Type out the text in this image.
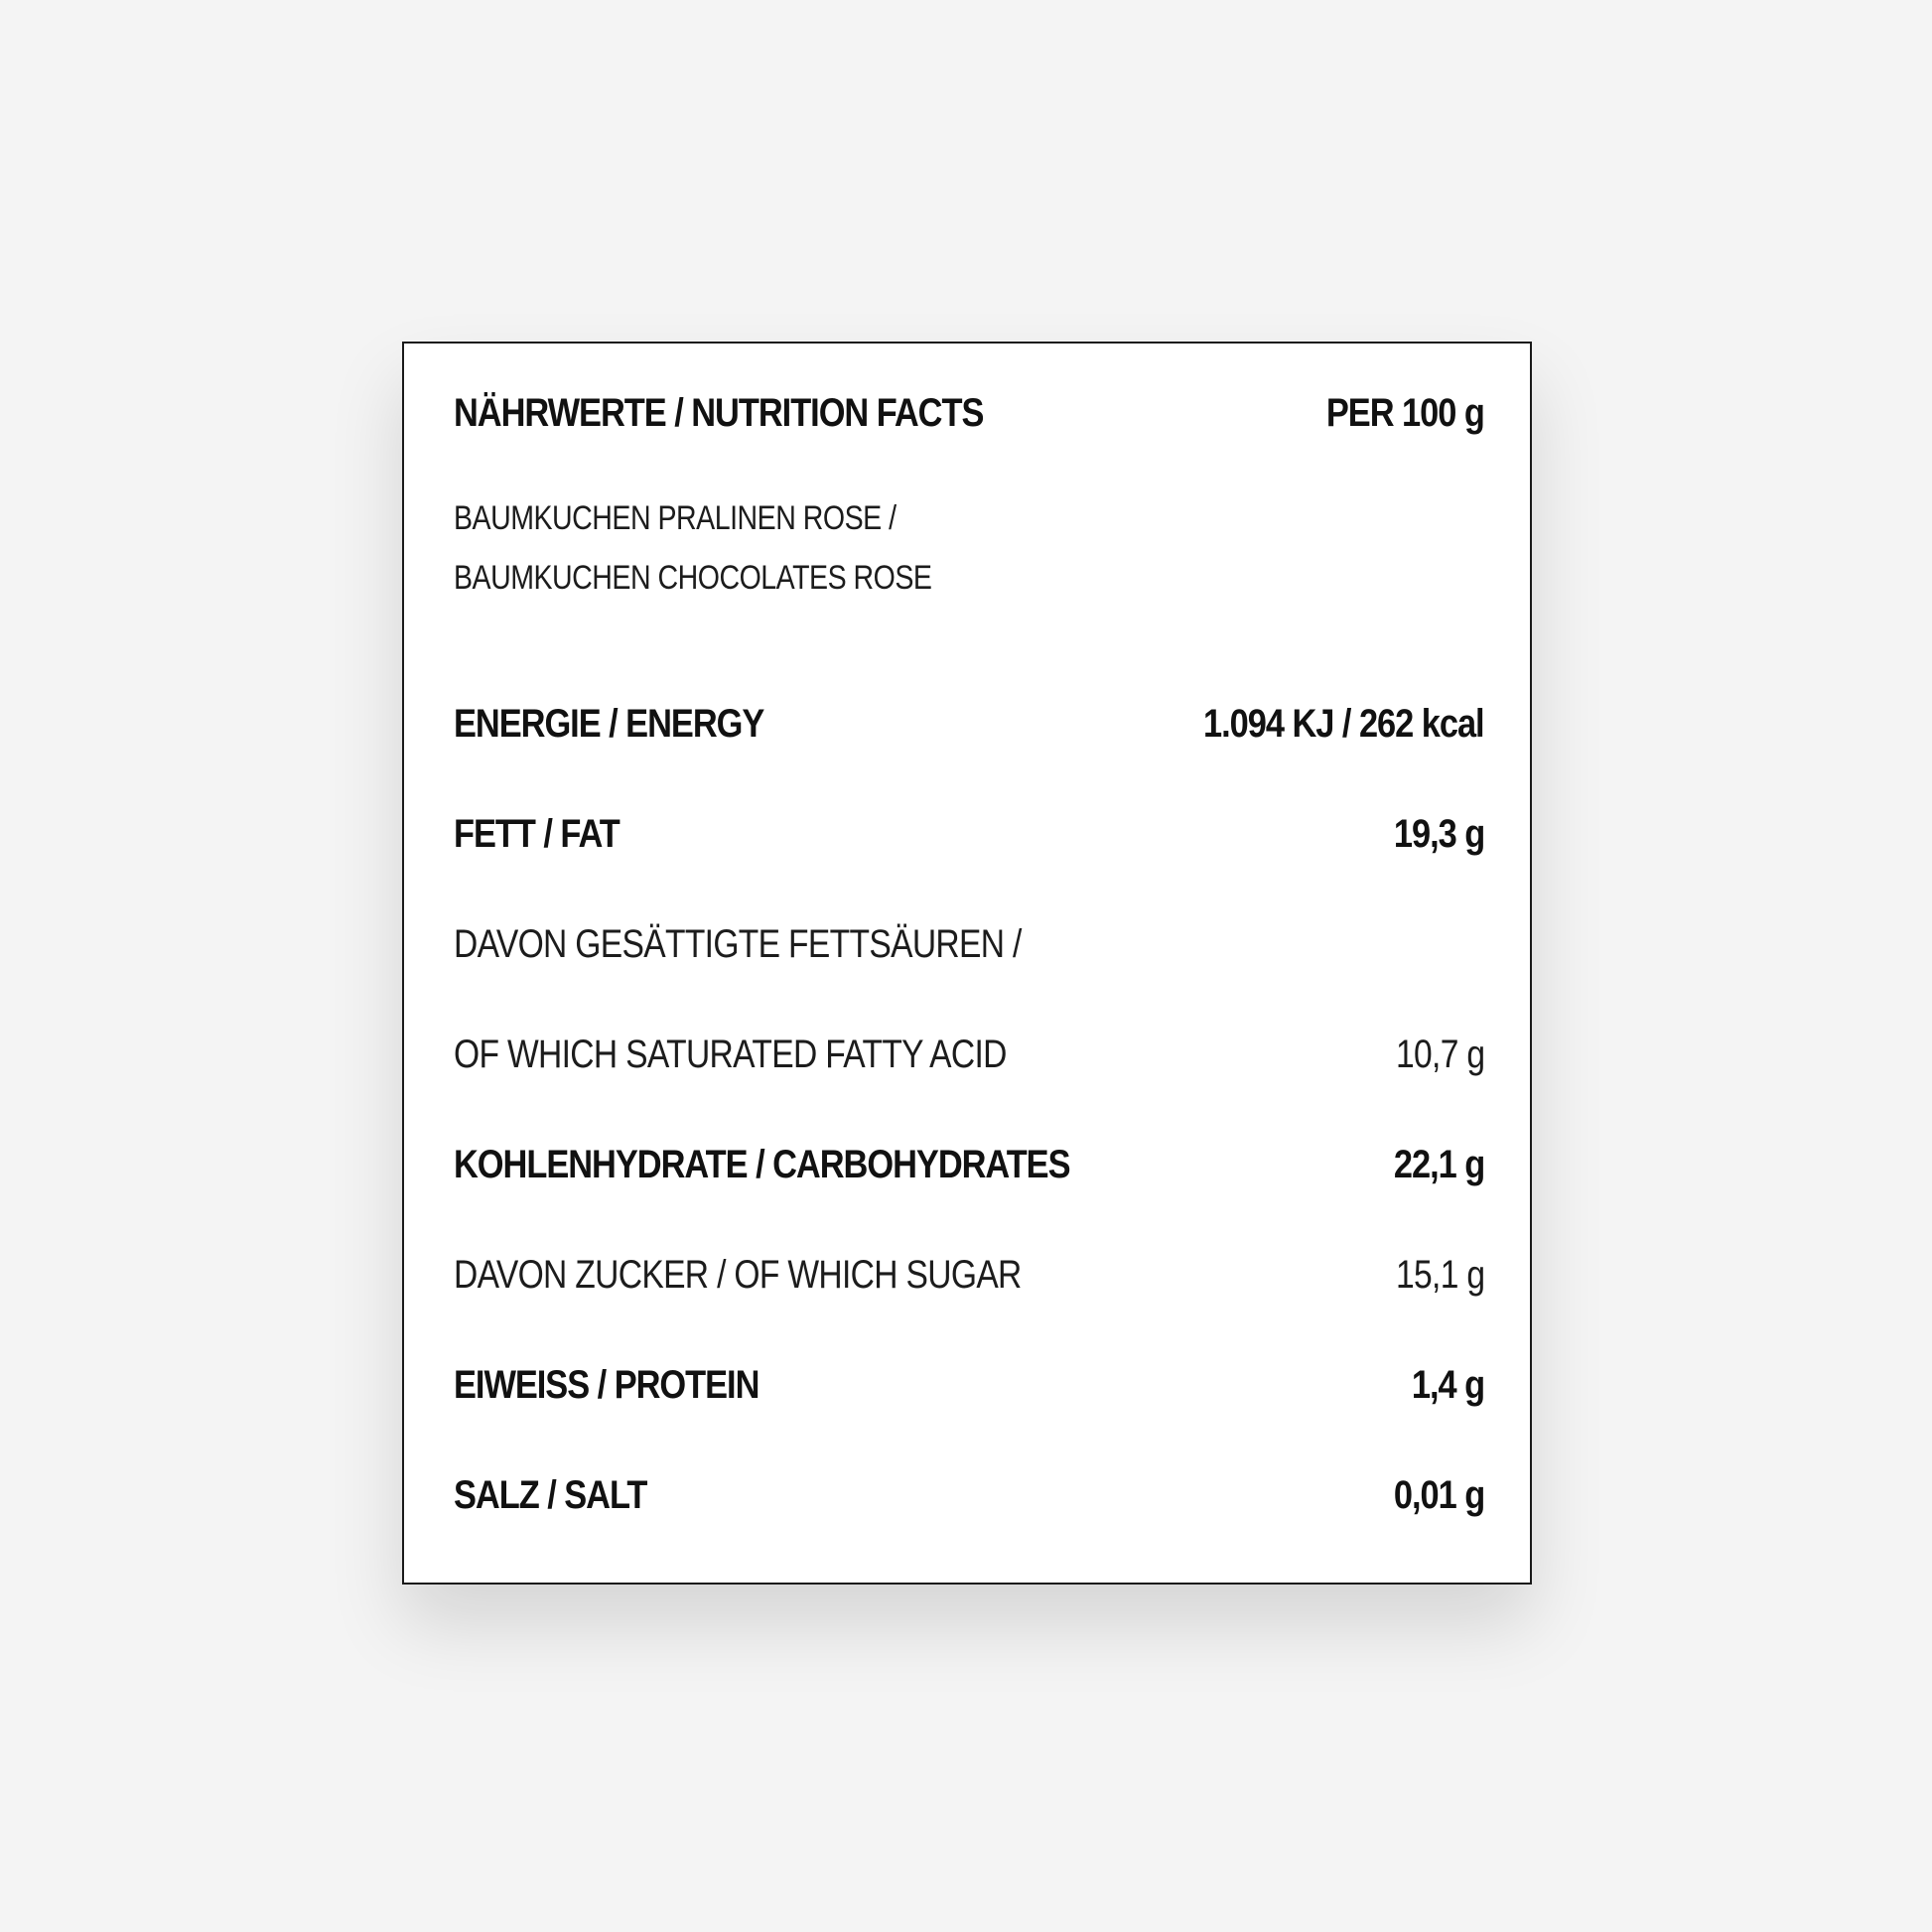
NÄHRWERTE / NUTRITION FACTS	PER 100 g
BAUMKUCHEN PRALINEN ROSE /
BAUMKUCHEN CHOCOLATES ROSE
ENERGIE / ENERGY	1.094 KJ / 262 kcal
FETT / FAT	19,3 g
DAVON GESÄTTIGTE FETTSÄUREN /
OF WHICH SATURATED FATTY ACID	10,7 g
KOHLENHYDRATE / CARBOHYDRATES	22,1 g
DAVON ZUCKER / OF WHICH SUGAR	15,1 g
EIWEISS / PROTEIN	1,4 g
SALZ / SALT	0,01 g
